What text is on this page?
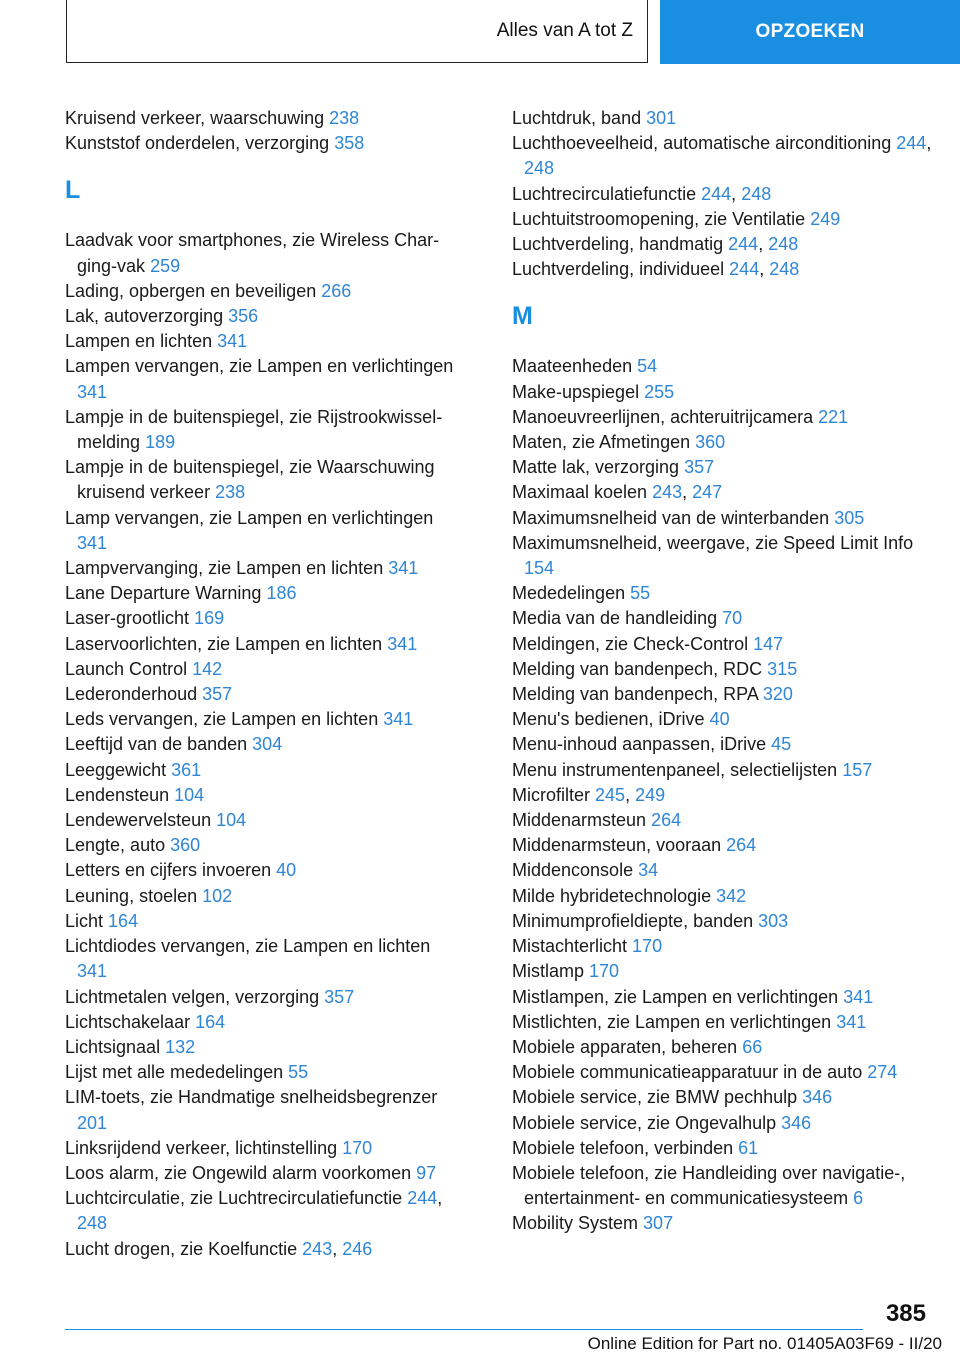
Alles van A tot Z	OPZOEKEN
Kruisend verkeer, waarschuwing 238
Kunststof onderdelen, verzorging 358
L
Laadvak voor smartphones, zie Wireless Charging-vak 259
Lading, opbergen en beveiligen 266
Lak, autoverzorging 356
Lampen en lichten 341
Lampen vervangen, zie Lampen en verlichtingen 341
Lampje in de buitenspiegel, zie Rijstrookwisselmelding 189
Lampje in de buitenspiegel, zie Waarschuwing kruisend verkeer 238
Lamp vervangen, zie Lampen en verlichtingen 341
Lampvervanging, zie Lampen en lichten 341
Lane Departure Warning 186
Laser-grootlicht 169
Laservoorlichten, zie Lampen en lichten 341
Launch Control 142
Lederonderhoud 357
Leds vervangen, zie Lampen en lichten 341
Leeftijd van de banden 304
Leeggewicht 361
Lendensteun 104
Lendewervelsteun 104
Lengte, auto 360
Letters en cijfers invoeren 40
Leuning, stoelen 102
Licht 164
Lichtdiodes vervangen, zie Lampen en lichten 341
Lichtmetalen velgen, verzorging 357
Lichtschakelaar 164
Lichtsignaal 132
Lijst met alle mededelingen 55
LIM-toets, zie Handmatige snelheidsbegrenzer 201
Linksrijdend verkeer, lichtinstelling 170
Loos alarm, zie Ongewild alarm voorkomen 97
Luchtcirculatie, zie Luchtrecirculatiefunctie 244, 248
Lucht drogen, zie Koelfunctie 243, 246
Luchtdruk, band 301
Luchthoeveelheid, automatische airconditioning 244, 248
Luchtrecirculatiefunctie 244, 248
Luchtuitstroomopening, zie Ventilatie 249
Luchtverdeling, handmatig 244, 248
Luchtverdeling, individueel 244, 248
M
Maateenheden 54
Make-upspiegel 255
Manoeuvreerlijnen, achteruitrijcamera 221
Maten, zie Afmetingen 360
Matte lak, verzorging 357
Maximaal koelen 243, 247
Maximumsnelheid van de winterbanden 305
Maximumsnelheid, weergave, zie Speed Limit Info 154
Mededelingen 55
Media van de handleiding 70
Meldingen, zie Check-Control 147
Melding van bandenpech, RDC 315
Melding van bandenpech, RPA 320
Menu's bedienen, iDrive 40
Menu-inhoud aanpassen, iDrive 45
Menu instrumentenpaneel, selectielijsten 157
Microfilter 245, 249
Middenarmsteun 264
Middenarmsteun, vooraan 264
Middenconsole 34
Milde hybridetechnologie 342
Minimumprofieldiepte, banden 303
Mistachterlicht 170
Mistlamp 170
Mistlampen, zie Lampen en verlichtingen 341
Mistlichten, zie Lampen en verlichtingen 341
Mobiele apparaten, beheren 66
Mobiele communicatieapparatuur in de auto 274
Mobiele service, zie BMW pechhulp 346
Mobiele service, zie Ongevalhulp 346
Mobiele telefoon, verbinden 61
Mobiele telefoon, zie Handleiding over navigatie-, entertainment- en communicatiesysteem 6
Mobility System 307
385
Online Edition for Part no. 01405A03F69 - II/20
